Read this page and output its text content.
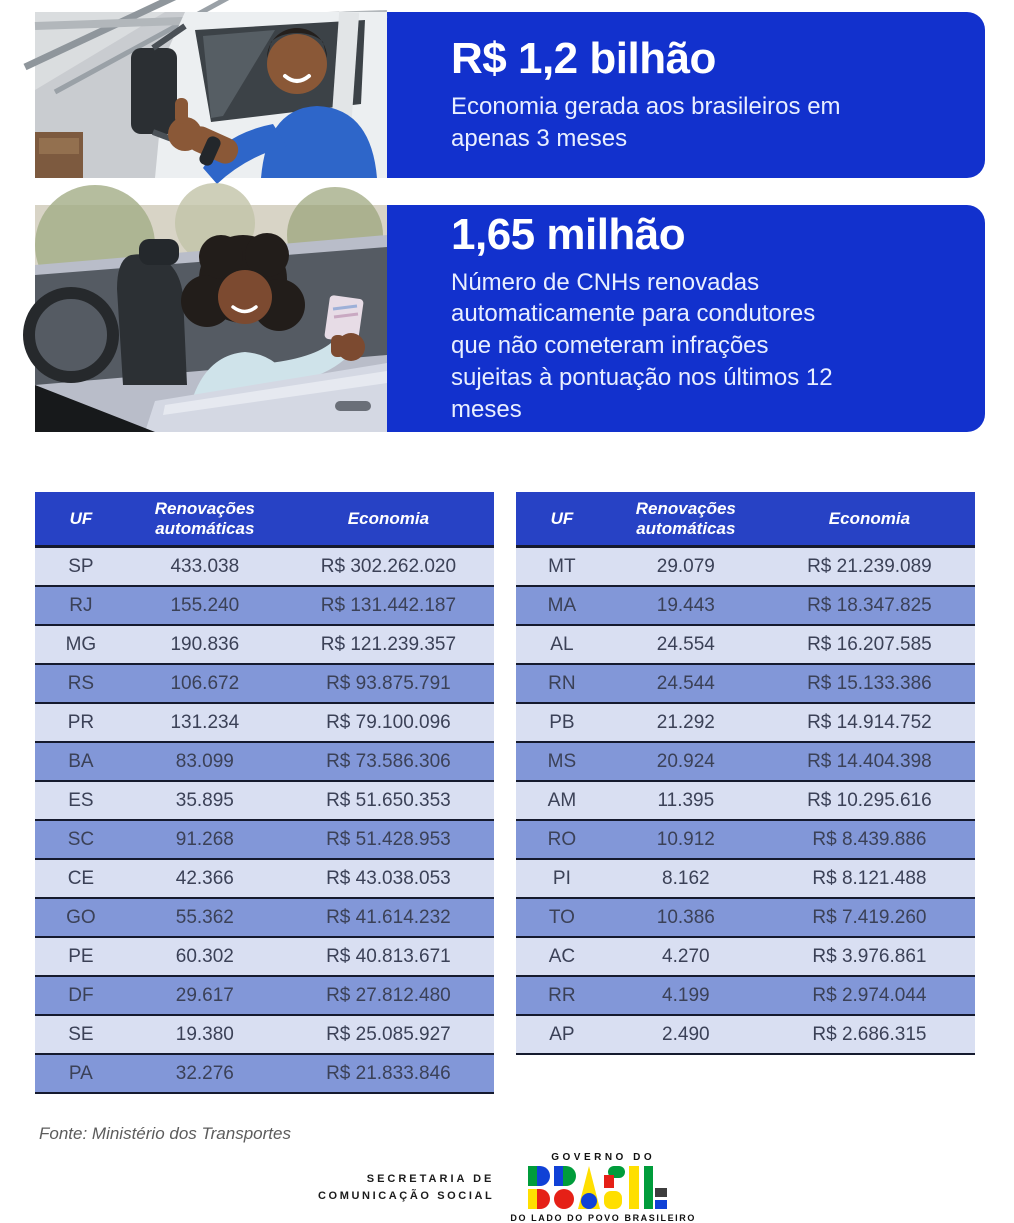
R$ 1,2 bilhão

Economia gerada aos brasileiros em apenas 3 meses

1,65 milhão

Número de CNHs renovadas automaticamente para condutores que não cometeram infrações sujeitas à pontuação nos últimos 12 meses

UF	Renovações automáticas	Economia
SP	433.038	R$ 302.262.020
RJ	155.240	R$ 131.442.187
MG	190.836	R$ 121.239.357
RS	106.672	R$ 93.875.791
PR	131.234	R$ 79.100.096
BA	83.099	R$ 73.586.306
ES	35.895	R$ 51.650.353
SC	91.268	R$ 51.428.953
CE	42.366	R$ 43.038.053
GO	55.362	R$ 41.614.232
PE	60.302	R$ 40.813.671
DF	29.617	R$ 27.812.480
SE	19.380	R$ 25.085.927
PA	32.276	R$ 21.833.846
UF	Renovações automáticas	Economia
MT	29.079	R$ 21.239.089
MA	19.443	R$ 18.347.825
AL	24.554	R$ 16.207.585
RN	24.544	R$ 15.133.386
PB	21.292	R$ 14.914.752
MS	20.924	R$ 14.404.398
AM	11.395	R$ 10.295.616
RO	10.912	R$ 8.439.886
PI	8.162	R$ 8.121.488
TO	10.386	R$ 7.419.260
AC	4.270	R$ 3.976.861
RR	4.199	R$ 2.974.044
AP	2.490	R$ 2.686.315

Fonte: Ministério dos Transportes

SECRETARIA DE
COMUNICAÇÃO SOCIAL
GOVERNO DO
DO LADO DO POVO BRASILEIRO
